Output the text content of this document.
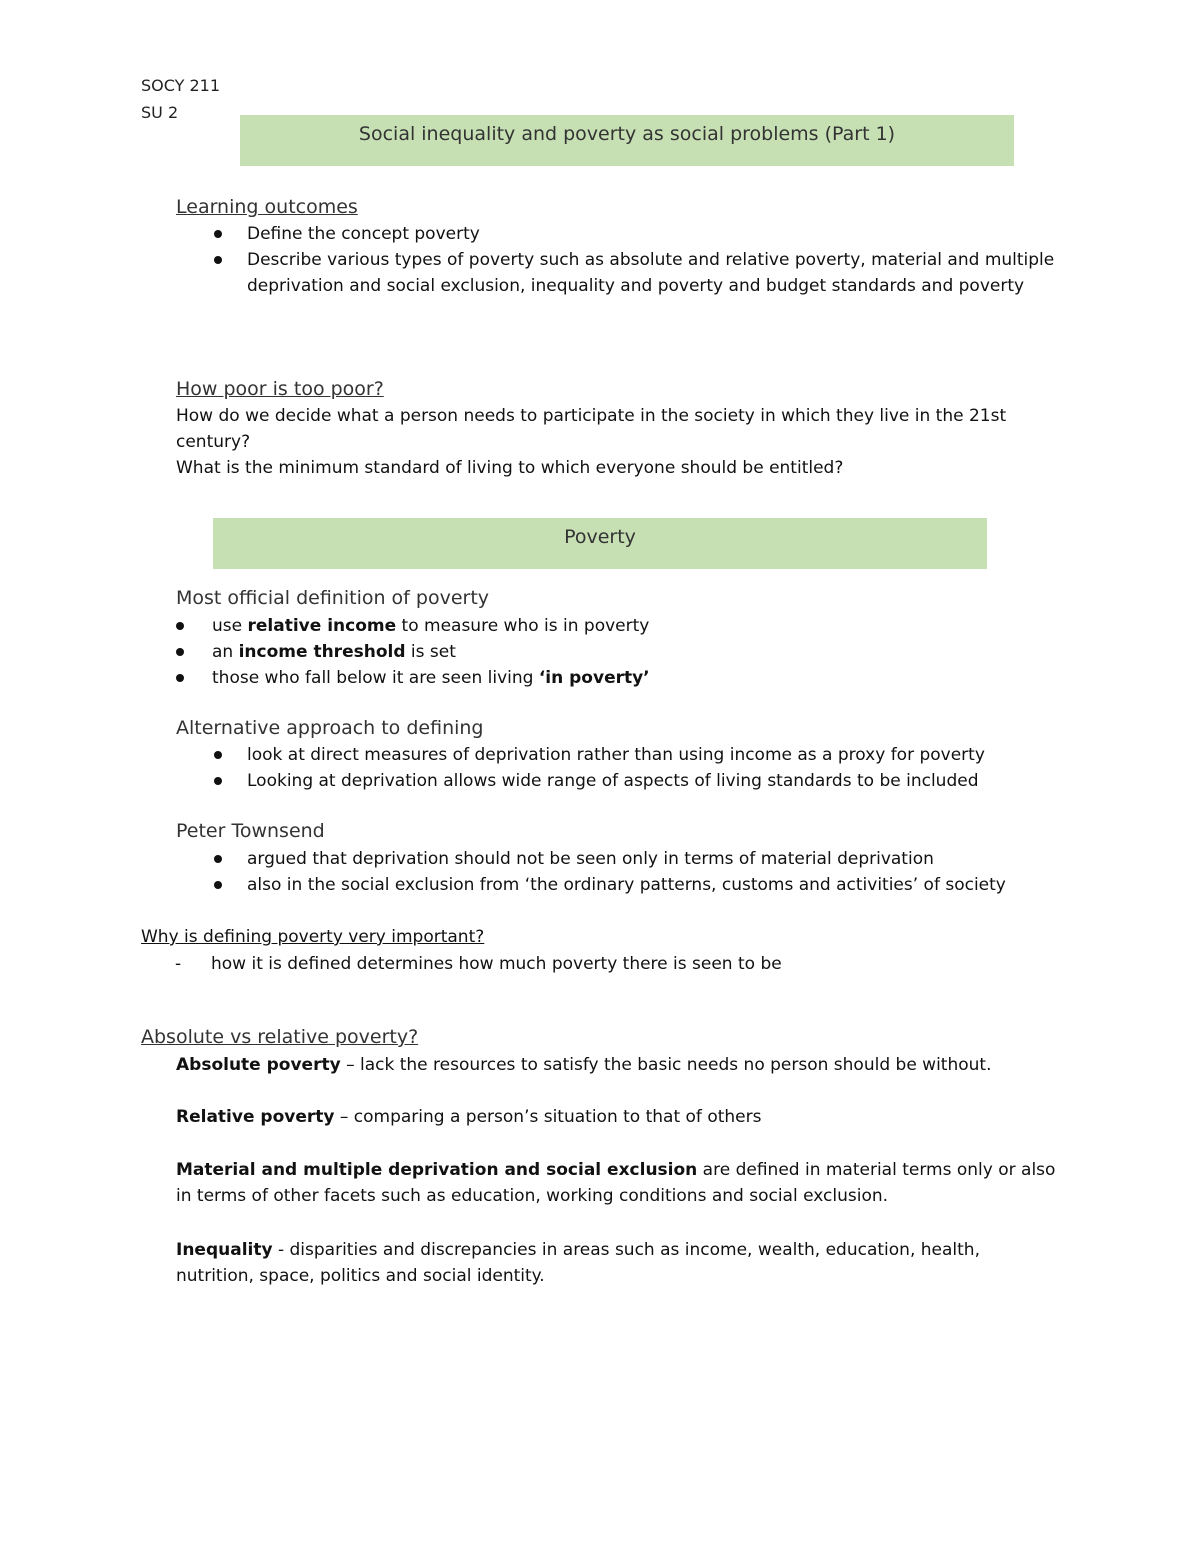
SOCY 211
SU 2
Social inequality and poverty as social problems (Part 1)
Learning outcomes
Define the concept poverty
Describe various types of poverty such as absolute and relative poverty, material and multiple deprivation and social exclusion, inequality and poverty and budget standards and poverty
How poor is too poor?
How do we decide what a person needs to participate in the society in which they live in the 21st century?
What is the minimum standard of living to which everyone should be entitled?
Poverty
Most official definition of poverty
use relative income to measure who is in poverty
an income threshold is set
those who fall below it are seen living ‘in poverty’
Alternative approach to defining
look at direct measures of deprivation rather than using income as a proxy for poverty
Looking at deprivation allows wide range of aspects of living standards to be included
Peter Townsend
argued that deprivation should not be seen only in terms of material deprivation
also in the social exclusion from ‘the ordinary patterns, customs and activities’ of society
Why is defining poverty very important?
- how it is defined determines how much poverty there is seen to be
Absolute vs relative poverty?
Absolute poverty – lack the resources to satisfy the basic needs no person should be without.
Relative poverty – comparing a person’s situation to that of others
Material and multiple deprivation and social exclusion are defined in material terms only or also in terms of other facets such as education, working conditions and social exclusion.
Inequality - disparities and discrepancies in areas such as income, wealth, education, health, nutrition, space, politics and social identity.
